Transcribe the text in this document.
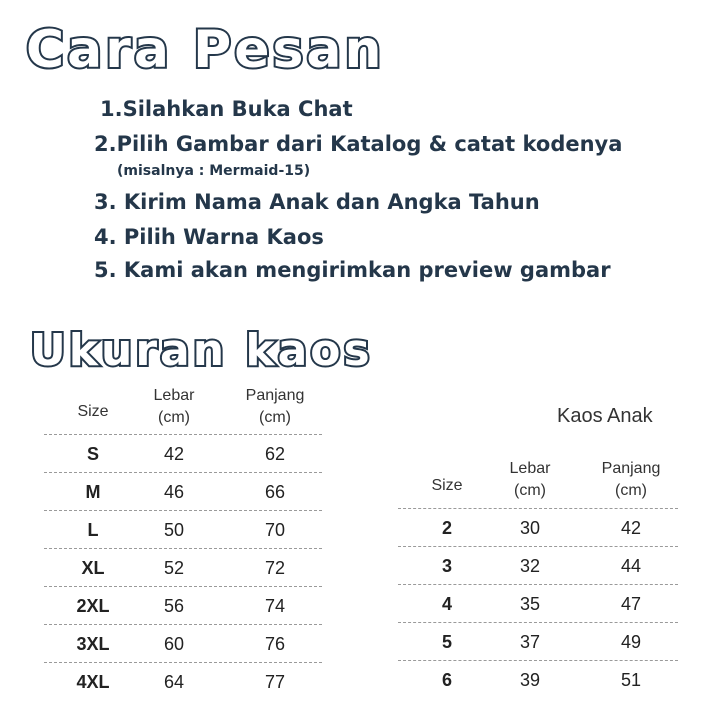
Cara Pesan
1.Silahkan Buka Chat
2.Pilih Gambar dari Katalog & catat kodenya
(misalnya : Mermaid-15)
3. Kirim Nama Anak dan Angka Tahun
4. Pilih Warna Kaos
5. Kami akan mengirimkan preview gambar
Ukuran kaos
Size
Lebar
(cm)
Panjang
(cm)
S	42	62
M	46	66
L	50	70
XL	52	72
2XL	56	74
3XL	60	76
4XL	64	77
Kaos Anak
Size
Lebar
(cm)
Panjang
(cm)
2	30	42
3	32	44
4	35	47
5	37	49
6	39	51
